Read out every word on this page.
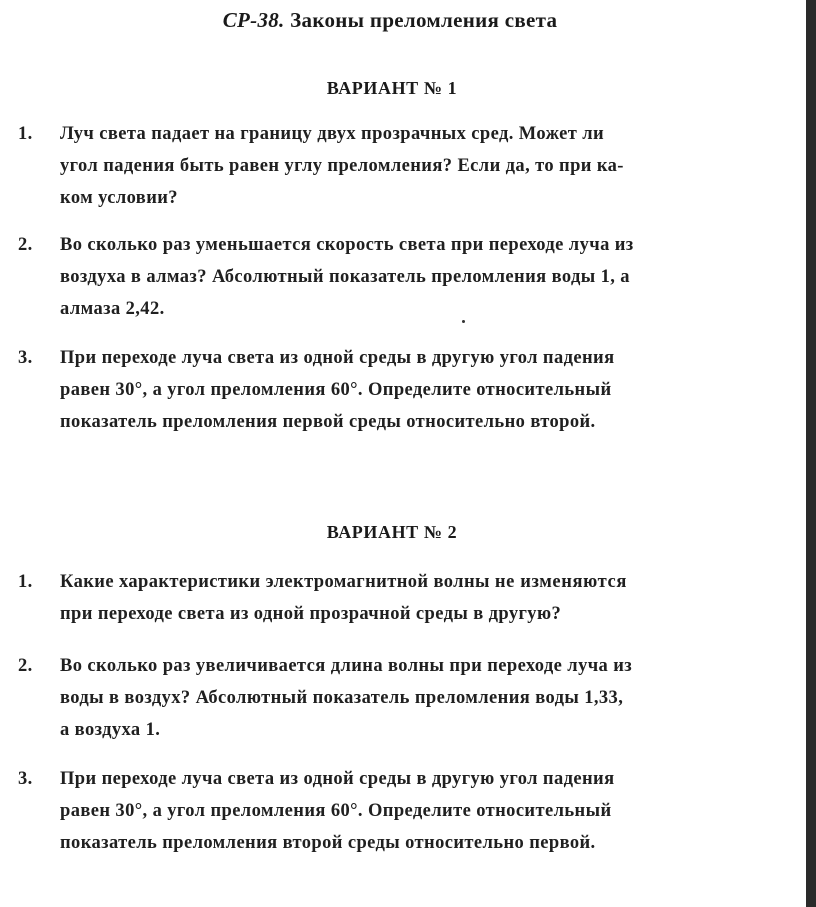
СР-38. Законы преломления света
ВАРИАНТ № 1
1.	Луч света падает на границу двух прозрачных сред. Может ли
угол падения быть равен углу преломления? Если да, то при ка-
ком условии?
2.	Во сколько раз уменьшается скорость света при переходе луча из
воздуха в алмаз? Абсолютный показатель преломления воды 1, а
алмаза 2,42.
3.	При переходе луча света из одной среды в другую угол падения
равен 30°, а угол преломления 60°. Определите относительный
показатель преломления первой среды относительно второй.
ВАРИАНТ № 2
1.	Какие характеристики электромагнитной волны не изменяются
при переходе света из одной прозрачной среды в другую?
2.	Во сколько раз увеличивается длина волны при переходе луча из
воды в воздух? Абсолютный показатель преломления воды 1,33,
а воздуха 1.
3.	При переходе луча света из одной среды в другую угол падения
равен 30°, а угол преломления 60°. Определите относительный
показатель преломления второй среды относительно первой.
